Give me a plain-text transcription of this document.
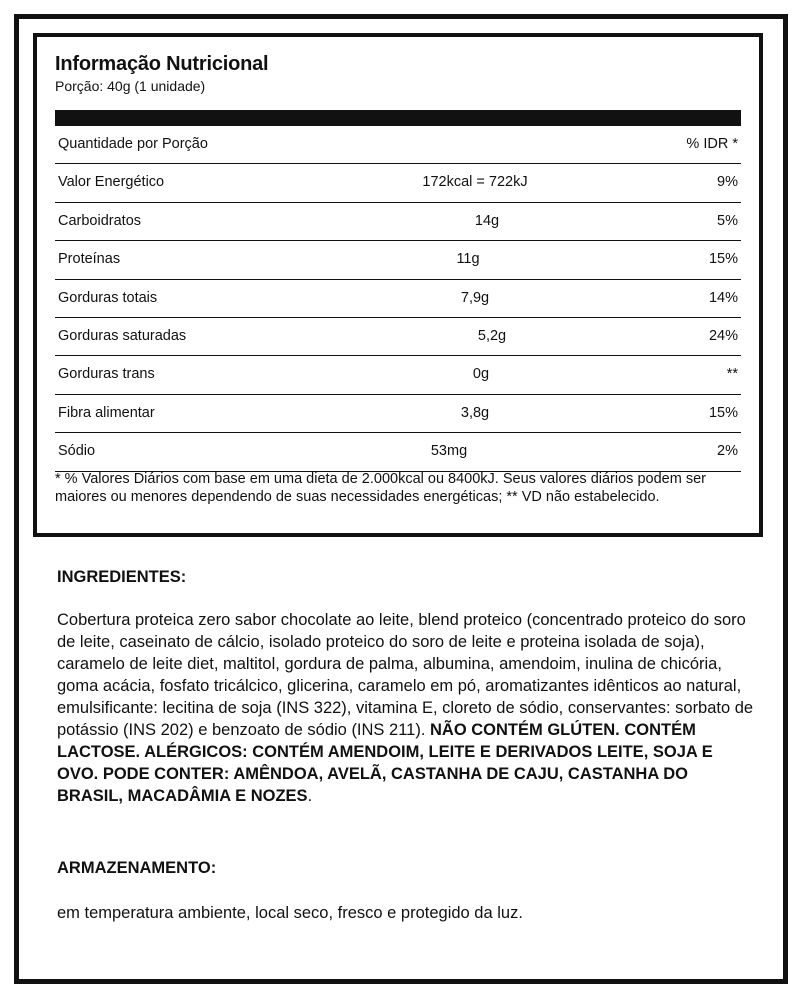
Informação Nutricional
Porção: 40g (1 unidade)
Quantidade por Porção	% IDR *
Valor Energético	172kcal = 722kJ	9%
Carboidratos	14g	5%
Proteínas	11g	15%
Gorduras totais	7,9g	14%
Gorduras saturadas	5,2g	24%
Gorduras trans	0g	**
Fibra alimentar	3,8g	15%
Sódio	53mg	2%
* % Valores Diários com base em uma dieta de 2.000kcal ou 8400kJ. Seus valores diários podem ser maiores ou menores dependendo de suas necessidades energéticas; ** VD não estabelecido.
INGREDIENTES:
Cobertura proteica zero sabor chocolate ao leite, blend proteico (concentrado proteico do soro de leite, caseinato de cálcio, isolado proteico do soro de leite e proteina isolada de soja), caramelo de leite diet, maltitol, gordura de palma, albumina, amendoim, inulina de chicória, goma acácia, fosfato tricálcico, glicerina, caramelo em pó, aromatizantes idênticos ao natural, emulsificante: lecitina de soja (INS 322), vitamina E, cloreto de sódio, conservantes: sorbato de potássio (INS 202) e benzoato de sódio (INS 211). NÃO CONTÉM GLÚTEN. CONTÉM LACTOSE. ALÉRGICOS: CONTÉM AMENDOIM, LEITE E DERIVADOS LEITE, SOJA E OVO. PODE CONTER: AMÊNDOA, AVELÃ, CASTANHA DE CAJU, CASTANHA DO BRASIL, MACADÂMIA E NOZES.
ARMAZENAMENTO:
em temperatura ambiente, local seco, fresco e protegido da luz.
